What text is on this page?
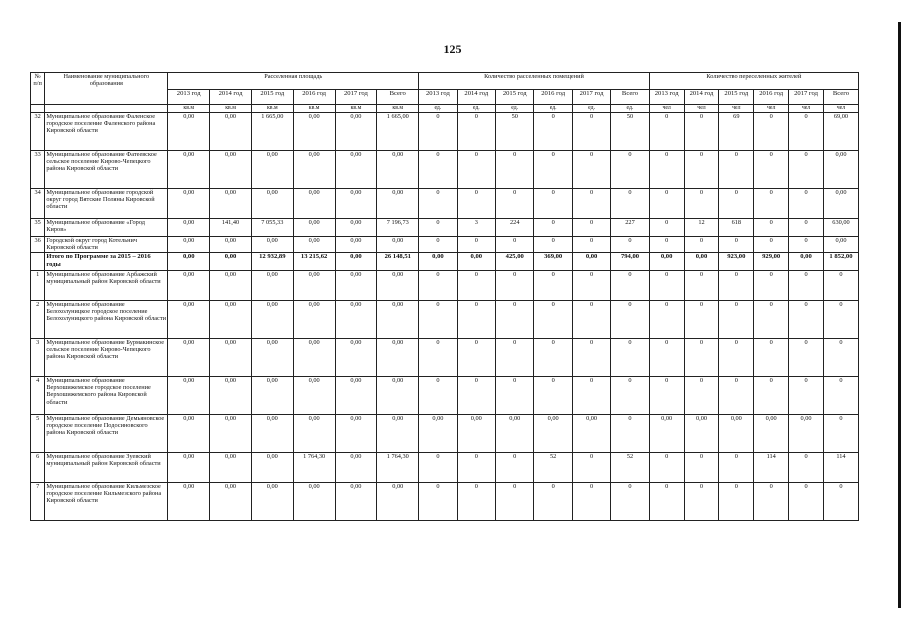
125
№ п/п	Наименование муниципального образования	Расселенная площадь						Количество расселенных помещений						Количество переселенных жителей					
		2013 год	2014 год	2015 год	2016 год	2017 год	Всего	2013 год	2014 год	2015 год	2016 год	2017 год	Всего	2013 год	2014 год	2015 год	2016 год	2017 год	Всего
		кв.м	кв.м	кв.м	кв.м	кв.м	кв.м	ед.	ед.	ед.	ед.	ед.	ед.	чел	чел	чел	чел	чел	чел
32	Муниципальное образование Фаленское городское поселение Фаленского района Кировской области	0,00	0,00	1 665,00	0,00	0,00	1 665,00	0	0	50	0	0	50	0	0	69	0	0	69,00
33	Муниципальное образование Фатеевское сельское поселение Кирово-Чепецкого района Кировской области	0,00	0,00	0,00	0,00	0,00	0,00	0	0	0	0	0	0	0	0	0	0	0	0,00
34	Муниципальное образование городской округ город Вятские Поляны Кировской области	0,00	0,00	0,00	0,00	0,00	0,00	0	0	0	0	0	0	0	0	0	0	0	0,00
35	Муниципальное образование «Город Киров»	0,00	141,40	7 055,33	0,00	0,00	7 196,73	0	3	224	0	0	227	0	12	618	0	0	630,00
36	Городской округ город Котельнич Кировской области	0,00	0,00	0,00	0,00	0,00	0,00	0	0	0	0	0	0	0	0	0	0	0	0,00
	Итого по Программе за 2015 – 2016 годы	0,00	0,00	12 932,89	13 215,62	0,00	26 148,51	0,00	0,00	425,00	369,00	0,00	794,00	0,00	0,00	923,00	929,00	0,00	1 852,00
1	Муниципальное образование Арбажский муниципальный район Кировской области	0,00	0,00	0,00	0,00	0,00	0,00	0	0	0	0	0	0	0	0	0	0	0	0
2	Муниципальное образование Белохолуницкое городское поселение Белохолуницкого района Кировской области	0,00	0,00	0,00	0,00	0,00	0,00	0	0	0	0	0	0	0	0	0	0	0	0
3	Муниципальное образование Бурмакинское сельское поселение Кирово-Чепецкого района Кировской области	0,00	0,00	0,00	0,00	0,00	0,00	0	0	0	0	0	0	0	0	0	0	0	0
4	Муниципальное образование Верхошижемское городское поселение Верхошижемского района Кировской области	0,00	0,00	0,00	0,00	0,00	0,00	0	0	0	0	0	0	0	0	0	0	0	0
5	Муниципальное образование Демьяновское городское поселение Подосиновского района Кировской области	0,00	0,00	0,00	0,00	0,00	0,00	0,00	0,00	0,00	0,00	0,00	0	0,00	0,00	0,00	0,00	0,00	0
6	Муниципальное образование Зуевский муниципальный район Кировской области	0,00	0,00	0,00	1 764,30	0,00	1 764,30	0	0	0	52	0	52	0	0	0	114	0	114
7	Муниципальное образование Кильмезское городское поселение Кильмезского района Кировской области	0,00	0,00	0,00	0,00	0,00	0,00	0	0	0	0	0	0	0	0	0	0	0	0
